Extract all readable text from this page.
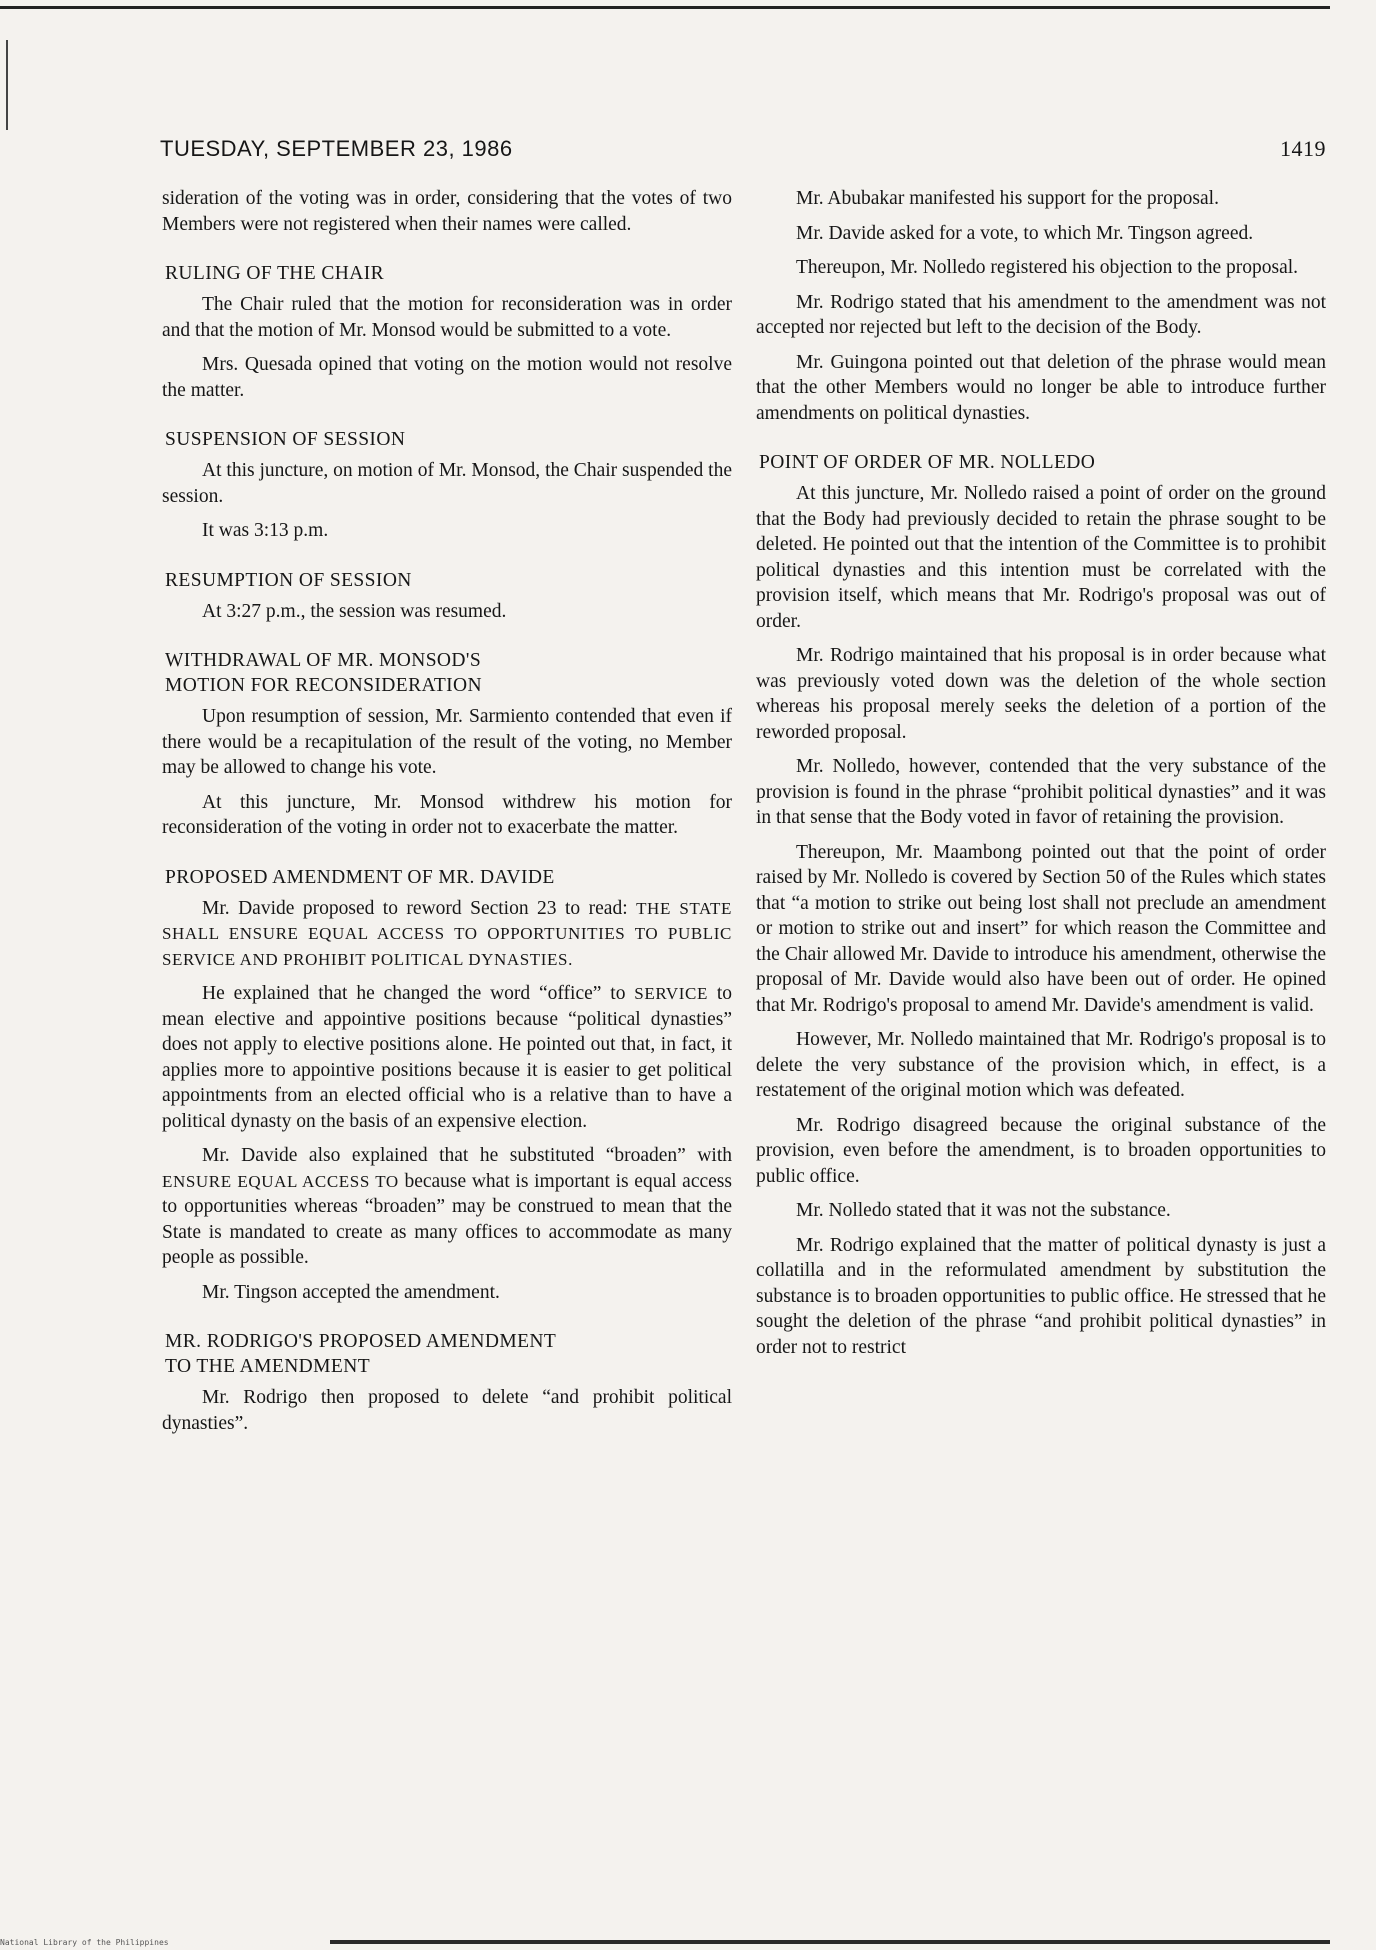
TUESDAY, SEPTEMBER 23, 1986	1419

sideration of the voting was in order, considering that the votes of two Members were not registered when their names were called.

RULING OF THE CHAIR

The Chair ruled that the motion for reconsideration was in order and that the motion of Mr. Monsod would be submitted to a vote.

Mrs. Quesada opined that voting on the motion would not resolve the matter.

SUSPENSION OF SESSION

At this juncture, on motion of Mr. Monsod, the Chair suspended the session.

It was 3:13 p.m.

RESUMPTION OF SESSION

At 3:27 p.m., the session was resumed.

WITHDRAWAL OF MR. MONSOD'S
MOTION FOR RECONSIDERATION

Upon resumption of session, Mr. Sarmiento contended that even if there would be a recapitulation of the result of the voting, no Member may be allowed to change his vote.

At this juncture, Mr. Monsod withdrew his motion for reconsideration of the voting in order not to exacerbate the matter.

PROPOSED AMENDMENT OF MR. DAVIDE

Mr. Davide proposed to reword Section 23 to read: THE STATE SHALL ENSURE EQUAL ACCESS TO OPPORTUNITIES TO PUBLIC SERVICE AND PROHIBIT POLITICAL DYNASTIES.

He explained that he changed the word “office” to SERVICE to mean elective and appointive positions because “political dynasties” does not apply to elective positions alone. He pointed out that, in fact, it applies more to appointive positions because it is easier to get political appointments from an elected official who is a relative than to have a political dynasty on the basis of an expensive election.

Mr. Davide also explained that he substituted “broaden” with ENSURE EQUAL ACCESS TO because what is important is equal access to opportunities whereas “broaden” may be construed to mean that the State is mandated to create as many offices to accommodate as many people as possible.

Mr. Tingson accepted the amendment.

MR. RODRIGO'S PROPOSED AMENDMENT
TO THE AMENDMENT

Mr. Rodrigo then proposed to delete “and prohibit political dynasties”.

Mr. Abubakar manifested his support for the proposal.

Mr. Davide asked for a vote, to which Mr. Tingson agreed.

Thereupon, Mr. Nolledo registered his objection to the proposal.

Mr. Rodrigo stated that his amendment to the amendment was not accepted nor rejected but left to the decision of the Body.

Mr. Guingona pointed out that deletion of the phrase would mean that the other Members would no longer be able to introduce further amendments on political dynasties.

POINT OF ORDER OF MR. NOLLEDO

At this juncture, Mr. Nolledo raised a point of order on the ground that the Body had previously decided to retain the phrase sought to be deleted. He pointed out that the intention of the Committee is to prohibit political dynasties and this intention must be correlated with the provision itself, which means that Mr. Rodrigo's proposal was out of order.

Mr. Rodrigo maintained that his proposal is in order because what was previously voted down was the deletion of the whole section whereas his proposal merely seeks the deletion of a portion of the reworded proposal.

Mr. Nolledo, however, contended that the very substance of the provision is found in the phrase “prohibit political dynasties” and it was in that sense that the Body voted in favor of retaining the provision.

Thereupon, Mr. Maambong pointed out that the point of order raised by Mr. Nolledo is covered by Section 50 of the Rules which states that “a motion to strike out being lost shall not preclude an amendment or motion to strike out and insert” for which reason the Committee and the Chair allowed Mr. Davide to introduce his amendment, otherwise the proposal of Mr. Davide would also have been out of order. He opined that Mr. Rodrigo's proposal to amend Mr. Davide's amendment is valid.

However, Mr. Nolledo maintained that Mr. Rodrigo's proposal is to delete the very substance of the provision which, in effect, is a restatement of the original motion which was defeated.

Mr. Rodrigo disagreed because the original substance of the provision, even before the amendment, is to broaden opportunities to public office.

Mr. Nolledo stated that it was not the substance.

Mr. Rodrigo explained that the matter of political dynasty is just a collatilla and in the reformulated amendment by substitution the substance is to broaden opportunities to public office. He stressed that he sought the deletion of the phrase “and prohibit political dynasties” in order not to restrict

National Library of the Philippines
